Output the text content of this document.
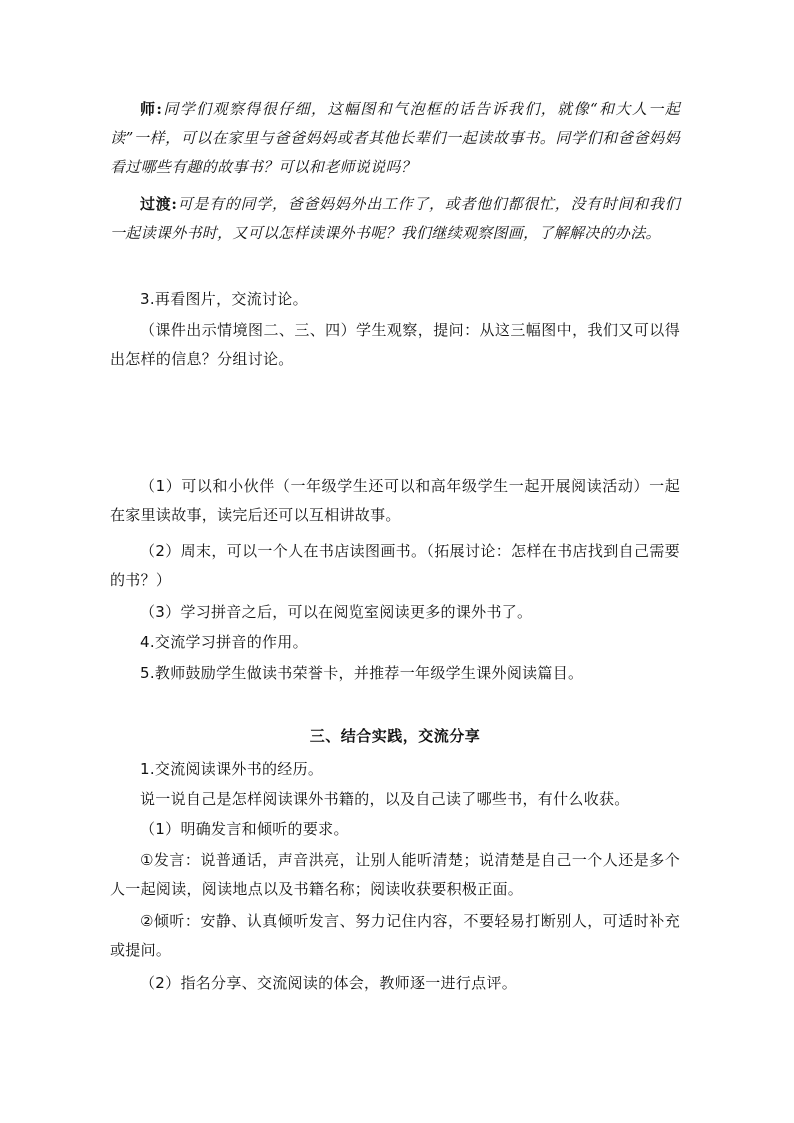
师:同学们观察得很仔细，这幅图和气泡框的话告诉我们，就像“和大人一起读”一样，可以在家里与爸爸妈妈或者其他长辈们一起读故事书。同学们和爸爸妈妈看过哪些有趣的故事书？可以和老师说说吗？

过渡:可是有的同学，爸爸妈妈外出工作了，或者他们都很忙，没有时间和我们一起读课外书时，又可以怎样读课外书呢？我们继续观察图画，了解解决的办法。

3.再看图片，交流讨论。

（课件出示情境图二、三、四）学生观察，提问：从这三幅图中，我们又可以得出怎样的信息？分组讨论。

（1）可以和小伙伴（一年级学生还可以和高年级学生一起开展阅读活动）一起在家里读故事，读完后还可以互相讲故事。

（2）周末，可以一个人在书店读图画书。（拓展讨论：怎样在书店找到自己需要的书？）

（3）学习拼音之后，可以在阅览室阅读更多的课外书了。

4.交流学习拼音的作用。

5.教师鼓励学生做读书荣誉卡，并推荐一年级学生课外阅读篇目。

三、结合实践，交流分享

1.交流阅读课外书的经历。

说一说自己是怎样阅读课外书籍的，以及自己读了哪些书，有什么收获。

（1）明确发言和倾听的要求。

①发言：说普通话，声音洪亮，让别人能听清楚；说清楚是自己一个人还是多个人一起阅读，阅读地点以及书籍名称；阅读收获要积极正面。

②倾听：安静、认真倾听发言、努力记住内容，不要轻易打断别人，可适时补充或提问。

（2）指名分享、交流阅读的体会，教师逐一进行点评。
